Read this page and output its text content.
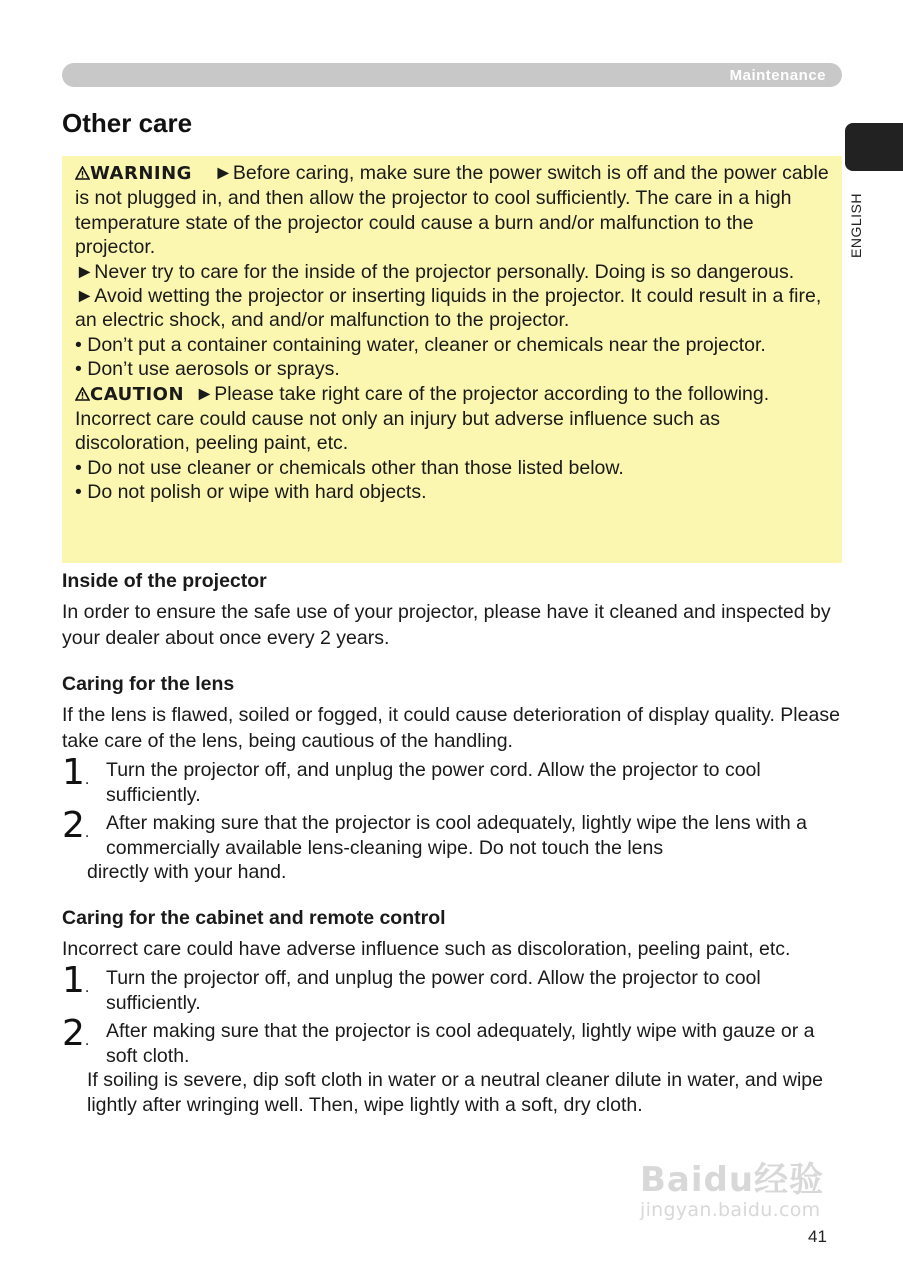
Maintenance
ENGLISH
Other care

WARNING ►Before caring, make sure the power switch is off and the power cable is not plugged in, and then allow the projector to cool sufficiently. The care in a high temperature state of the projector could cause a burn and/or malfunction to the projector.

►Never try to care for the inside of the projector personally. Doing is so dangerous.

►Avoid wetting the projector or inserting liquids in the projector. It could result in a fire, an electric shock, and and/or malfunction to the projector.

• Don’t put a container containing water, cleaner or chemicals near the projector.

• Don’t use aerosols or sprays.

CAUTION ►Please take right care of the projector according to the following. Incorrect care could cause not only an injury but adverse influence such as discoloration, peeling paint, etc.

• Do not use cleaner or chemicals other than those listed below.

• Do not polish or wipe with hard objects.

Inside of the projector

In order to ensure the safe use of your projector, please have it cleaned and inspected by your dealer about once every 2 years.

Caring for the lens

If the lens is flawed, soiled or fogged, it could cause deterioration of display quality. Please take care of the lens, being cautious of the handling.

1. Turn the projector off, and unplug the power cord. Allow the projector to cool sufficiently.
2. After making sure that the projector is cool adequately, lightly wipe the lens with a commercially available lens-cleaning wipe. Do not touch the lens

directly with your hand.

Caring for the cabinet and remote control

Incorrect care could have adverse influence such as discoloration, peeling paint, etc.

1. Turn the projector off, and unplug the power cord. Allow the projector to cool sufficiently.
2. After making sure that the projector is cool adequately, lightly wipe with gauze or a soft cloth.

If soiling is severe, dip soft cloth in water or a neutral cleaner dilute in water, and wipe lightly after wringing well. Then, wipe lightly with a soft, dry cloth.

Baidu经验
jingyan.baidu.com
41
